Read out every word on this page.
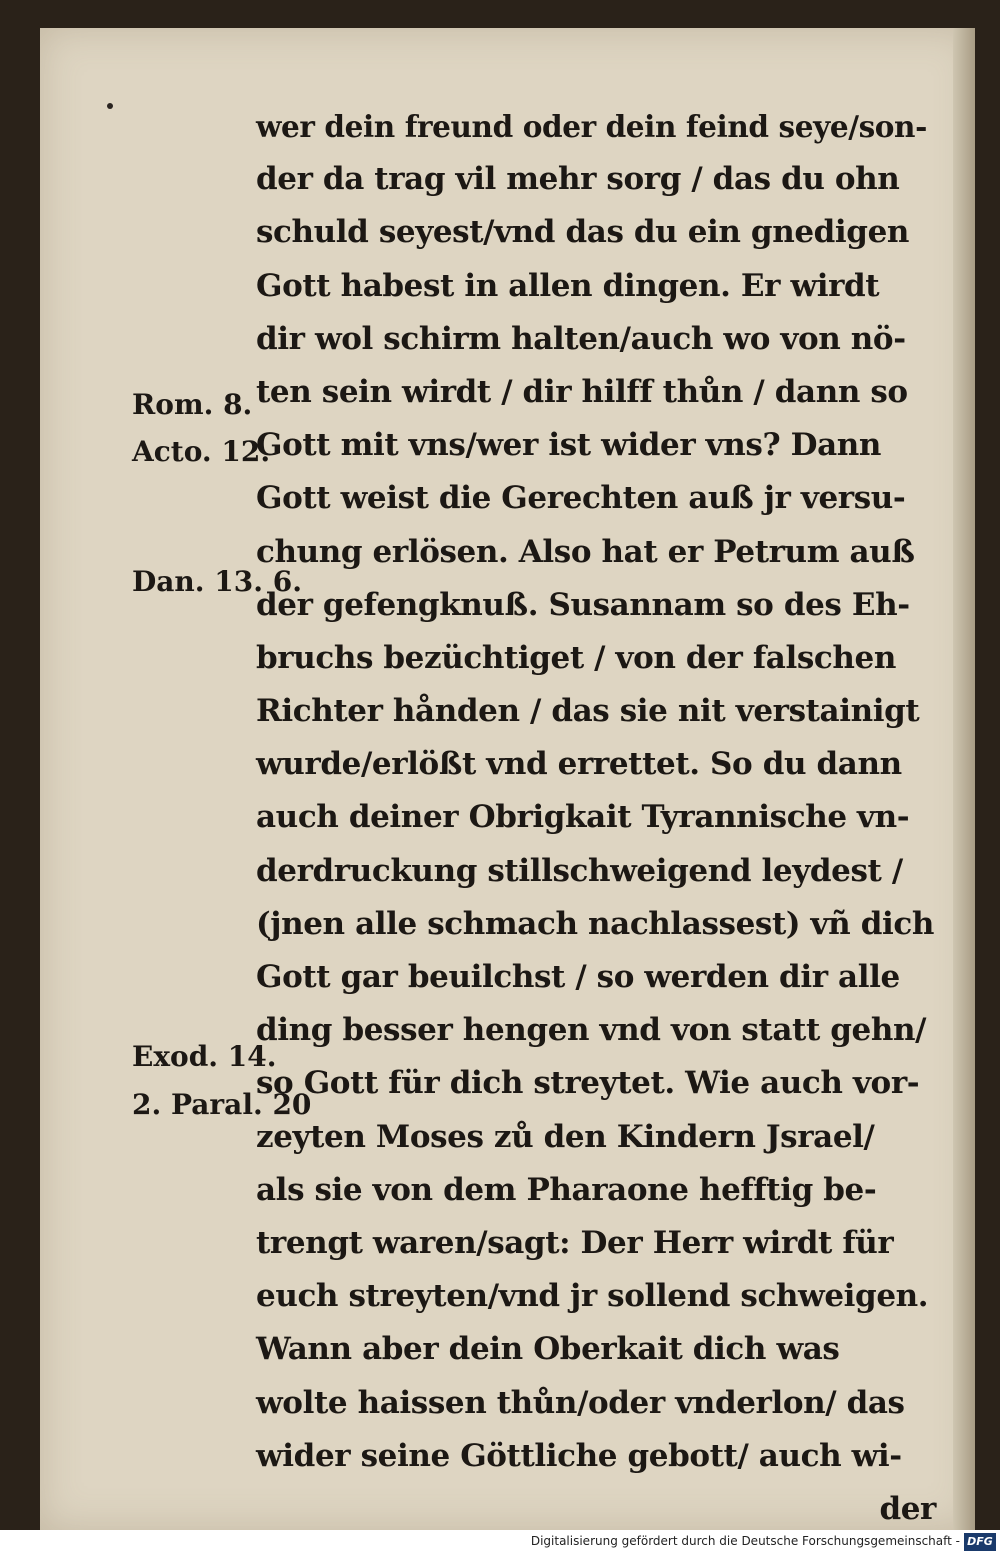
Rom. 8.
Acto. 12.
Dan. 13. 6.
Exod. 14.
2. Paral. 20
wer dein freund oder dein feind seye/son-
der da trag vil mehr sorg / das du ohn
schuld seyest/vnd das du ein gnedigen
Gott habest in allen dingen. Er wirdt
dir wol schirm halten/auch wo von nö-
ten sein wirdt / dir hilff thůn / dann so
Gott mit vns/wer ist wider vns? Dann
Gott weist die Gerechten auß jr versu-
chung erlösen. Also hat er Petrum auß
der gefengknuß. Susannam so des Eh-
bruchs bezüchtiget / von der falschen
Richter hånden / das sie nit verstainigt
wurde/erlößt vnd errettet. So du dann
auch deiner Obrigkait Tyrannische vn-
derdruckung stillschweigend leydest /
(jnen alle schmach nachlassest) vñ dich
Gott gar beuilchst / so werden dir alle
ding besser hengen vnd von statt gehn/
so Gott für dich streytet. Wie auch vor-
zeyten Moses zů den Kindern Jsrael/
als sie von dem Pharaone hefftig be-
trengt waren/sagt: Der Herr wirdt für
euch streyten/vnd jr sollend schweigen.
Wann aber dein Oberkait dich was
wolte haissen thůn/oder vnderlon/ das
wider seine Göttliche gebott/ auch wi-
der
Digitalisierung gefördert durch die Deutsche Forschungsgemeinschaft - DFG
